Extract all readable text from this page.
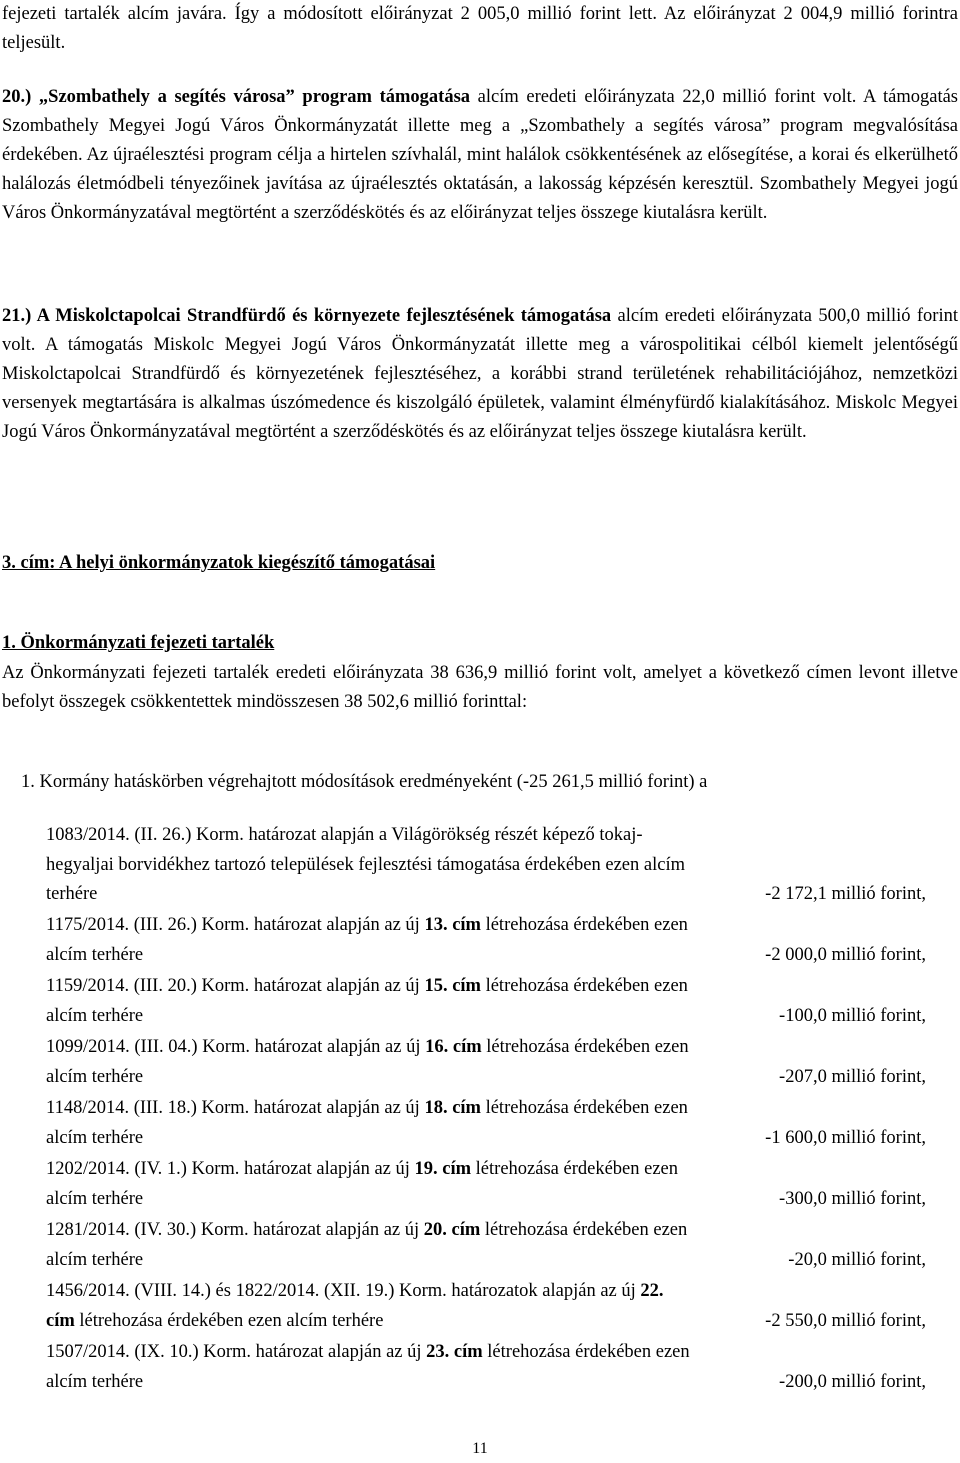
fejezeti tartalék alcím javára. Így a módosított előirányzat 2 005,0 millió forint lett. Az előirányzat 2 004,9 millió forintra teljesült.
20.) „Szombathely a segítés városa” program támogatása alcím eredeti előirányzata 22,0 millió forint volt. A támogatás Szombathely Megyei Jogú Város Önkormányzatát illette meg a „Szombathely a segítés városa” program megvalósítása érdekében. Az újraélesztési program célja a hirtelen szívhalál, mint halálok csökkentésének az elősegítése, a korai és elkerülhető halálozás életmódbeli tényezőinek javítása az újraélesztés oktatásán, a lakosság képzésén keresztül. Szombathely Megyei jogú Város Önkormányzatával megtörtént a szerződéskötés és az előirányzat teljes összege kiutalásra került.
21.) A Miskolctapolcai Strandfürdő és környezete fejlesztésének támogatása alcím eredeti előirányzata 500,0 millió forint volt. A támogatás Miskolc Megyei Jogú Város Önkormányzatát illette meg a várospolitikai célból kiemelt jelentőségű Miskolctapolcai Strandfürdő és környezetének fejlesztéséhez, a korábbi strand területének rehabilitációjához, nemzetközi versenyek megtartására is alkalmas úszómedence és kiszolgáló épületek, valamint élményfürdő kialakításához. Miskolc Megyei Jogú Város Önkormányzatával megtörtént a szerződéskötés és az előirányzat teljes összege kiutalásra került.
3. cím: A helyi önkormányzatok kiegészítő támogatásai
1. Önkormányzati fejezeti tartalék
Az Önkormányzati fejezeti tartalék eredeti előirányzata 38 636,9 millió forint volt, amelyet a következő címen levont illetve befolyt összegek csökkentettek mindösszesen 38 502,6 millió forinttal:
1. Kormány hatáskörben végrehajtott módosítások eredményeként (-25 261,5 millió forint) a
1083/2014. (II. 26.) Korm. határozat alapján a Világörökség részét képező tokaj-hegyaljai borvidékhez tartozó települések fejlesztési támogatása érdekében ezen alcím terhére	-2 172,1 millió forint,
1175/2014. (III. 26.) Korm. határozat alapján az új 13. cím létrehozása érdekében ezen alcím terhére	-2 000,0 millió forint,
1159/2014. (III. 20.) Korm. határozat alapján az új 15. cím létrehozása érdekében ezen alcím terhére	-100,0 millió forint,
1099/2014. (III. 04.) Korm. határozat alapján az új 16. cím létrehozása érdekében ezen alcím terhére	-207,0 millió forint,
1148/2014. (III. 18.) Korm. határozat alapján az új 18. cím létrehozása érdekében ezen alcím terhére	-1 600,0 millió forint,
1202/2014. (IV. 1.) Korm. határozat alapján az új 19. cím létrehozása érdekében ezen alcím terhére	-300,0 millió forint,
1281/2014. (IV. 30.) Korm. határozat alapján az új 20. cím létrehozása érdekében ezen alcím terhére	-20,0 millió forint,
1456/2014. (VIII. 14.) és 1822/2014. (XII. 19.) Korm. határozatok alapján az új 22. cím létrehozása érdekében ezen alcím terhére	-2 550,0 millió forint,
1507/2014. (IX. 10.) Korm. határozat alapján az új 23. cím létrehozása érdekében ezen alcím terhére	-200,0 millió forint,
11
